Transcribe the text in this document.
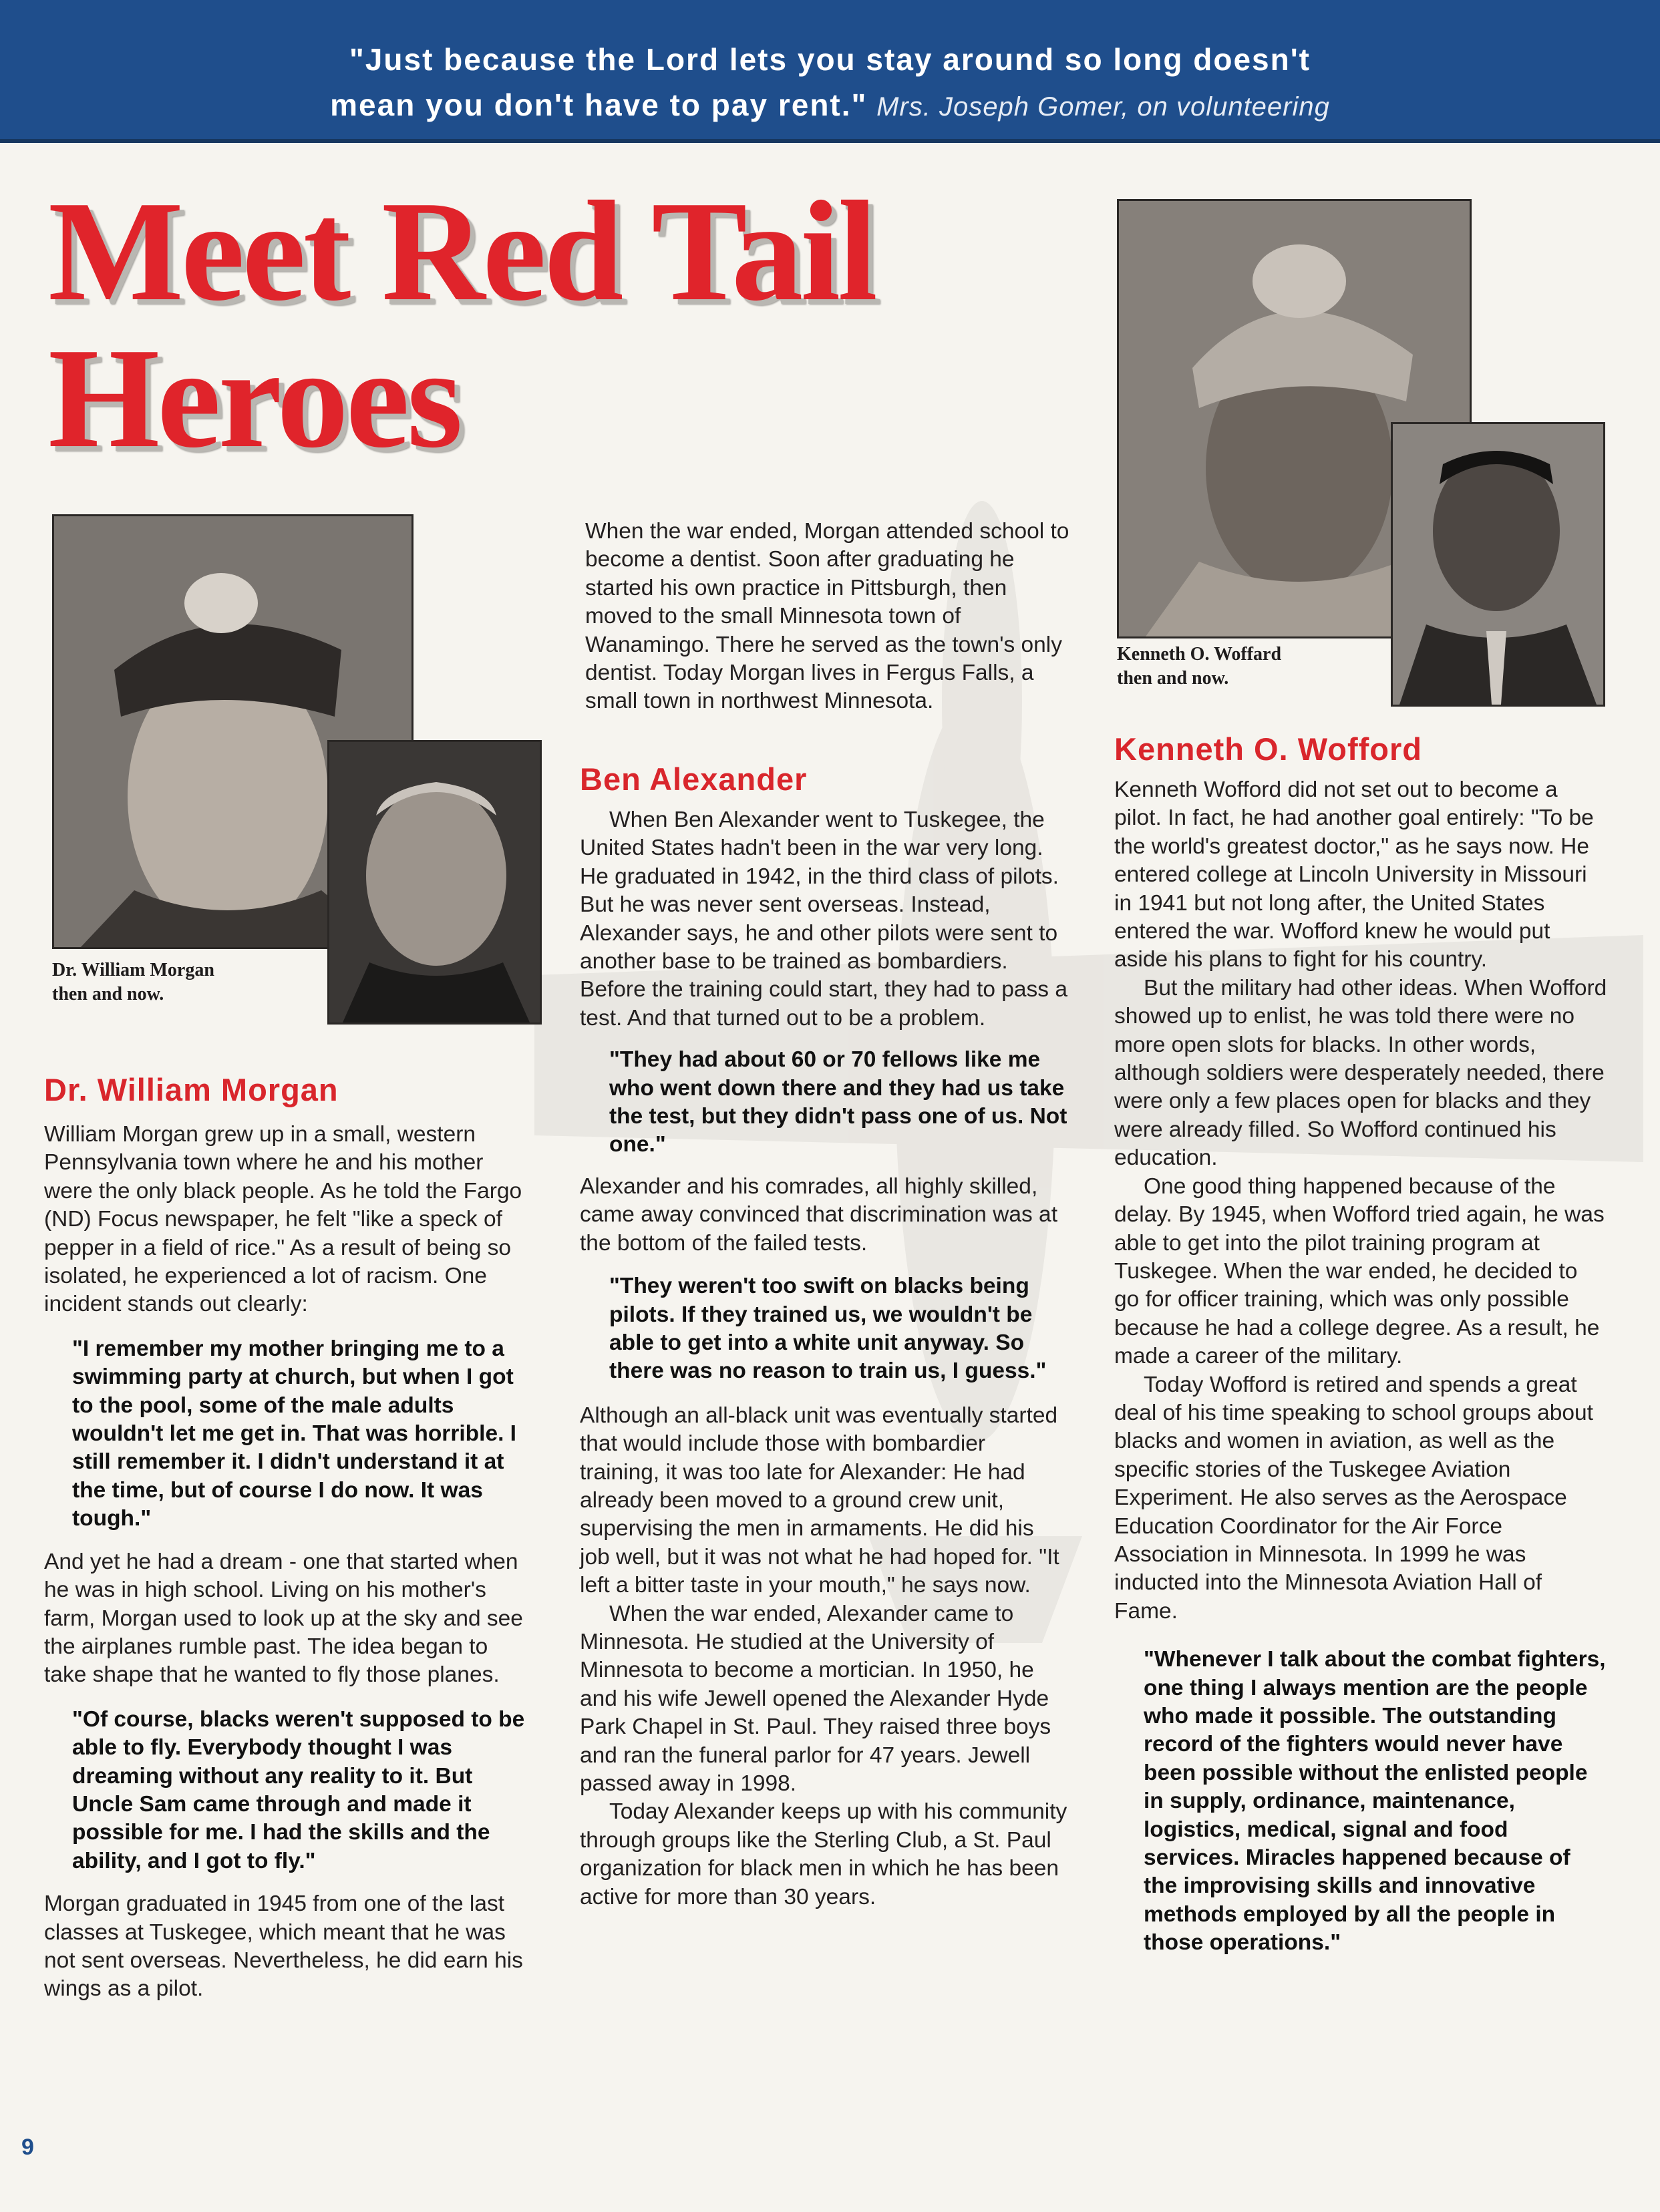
"Just because the Lord lets you stay around so long doesn't
mean you don't have to pay rent." Mrs. Joseph Gomer, on volunteering
Meet Red Tail
Heroes
Dr. William Morgan
then and now.
Kenneth O. Woffard
then and now.
Dr. William Morgan

William Morgan grew up in a small, western Pennsylvania town where he and his mother were the only black people. As he told the Fargo (ND) Focus newspaper, he felt "like a speck of pepper in a field of rice." As a result of being so isolated, he experienced a lot of racism. One incident stands out clearly:

"I remember my mother bringing me to a swimming party at church, but when I got to the pool, some of the male adults wouldn't let me get in. That was horrible. I still remember it. I didn't understand it at the time, but of course I do now. It was tough."

And yet he had a dream - one that started when he was in high school. Living on his mother's farm, Morgan used to look up at the sky and see the airplanes rumble past. The idea began to take shape that he wanted to fly those planes.

"Of course, blacks weren't supposed to be able to fly. Everybody thought I was dreaming without any reality to it. But Uncle Sam came through and made it possible for me. I had the skills and the ability, and I got to fly."

Morgan graduated in 1945 from one of the last classes at Tuskegee, which meant that he was not sent overseas. Nevertheless, he did earn his wings as a pilot.

When the war ended, Morgan attended school to become a dentist. Soon after graduating he started his own practice in Pittsburgh, then moved to the small Minnesota town of Wanamingo. There he served as the town's only dentist. Today Morgan lives in Fergus Falls, a small town in northwest Minnesota.

Ben Alexander

When Ben Alexander went to Tuskegee, the United States hadn't been in the war very long. He graduated in 1942, in the third class of pilots. But he was never sent overseas. Instead, Alexander says, he and other pilots were sent to another base to be trained as bombardiers. Before the training could start, they had to pass a test. And that turned out to be a problem.

"They had about 60 or 70 fellows like me who went down there and they had us take the test, but they didn't pass one of us. Not one."

Alexander and his comrades, all highly skilled, came away convinced that discrimination was at the bottom of the failed tests.

"They weren't too swift on blacks being pilots. If they trained us, we wouldn't be able to get into a white unit anyway. So there was no reason to train us, I guess."

Although an all-black unit was eventually started that would include those with bombardier training, it was too late for Alexander: He had already been moved to a ground crew unit, supervising the men in armaments. He did his job well, but it was not what he had hoped for. "It left a bitter taste in your mouth," he says now.

When the war ended, Alexander came to Minnesota. He studied at the University of Minnesota to become a mortician. In 1950, he and his wife Jewell opened the Alexander Hyde Park Chapel in St. Paul. They raised three boys and ran the funeral parlor for 47 years. Jewell passed away in 1998.

Today Alexander keeps up with his community through groups like the Sterling Club, a St. Paul organization for black men in which he has been active for more than 30 years.

Kenneth O. Wofford

Kenneth Wofford did not set out to become a pilot. In fact, he had another goal entirely: "To be the world's greatest doctor," as he says now. He entered college at Lincoln University in Missouri in 1941 but not long after, the United States entered the war. Wofford knew he would put aside his plans to fight for his country.

But the military had other ideas. When Wofford showed up to enlist, he was told there were no more open slots for blacks. In other words, although soldiers were desperately needed, there were only a few places open for blacks and they were already filled. So Wofford continued his education.

One good thing happened because of the delay. By 1945, when Wofford tried again, he was able to get into the pilot training program at Tuskegee. When the war ended, he decided to go for officer training, which was only possible because he had a college degree. As a result, he made a career of the military.

Today Wofford is retired and spends a great deal of his time speaking to school groups about blacks and women in aviation, as well as the specific stories of the Tuskegee Aviation Experiment. He also serves as the Aerospace Education Coordinator for the Air Force Association in Minnesota. In 1999 he was inducted into the Minnesota Aviation Hall of Fame.

"Whenever I talk about the combat fighters, one thing I always mention are the people who made it possible. The outstanding record of the fighters would never have been possible without the enlisted people in supply, ordinance, maintenance, logistics, medical, signal and food services. Miracles happened because of the improvising skills and innovative methods employed by all the people in those operations."
9
